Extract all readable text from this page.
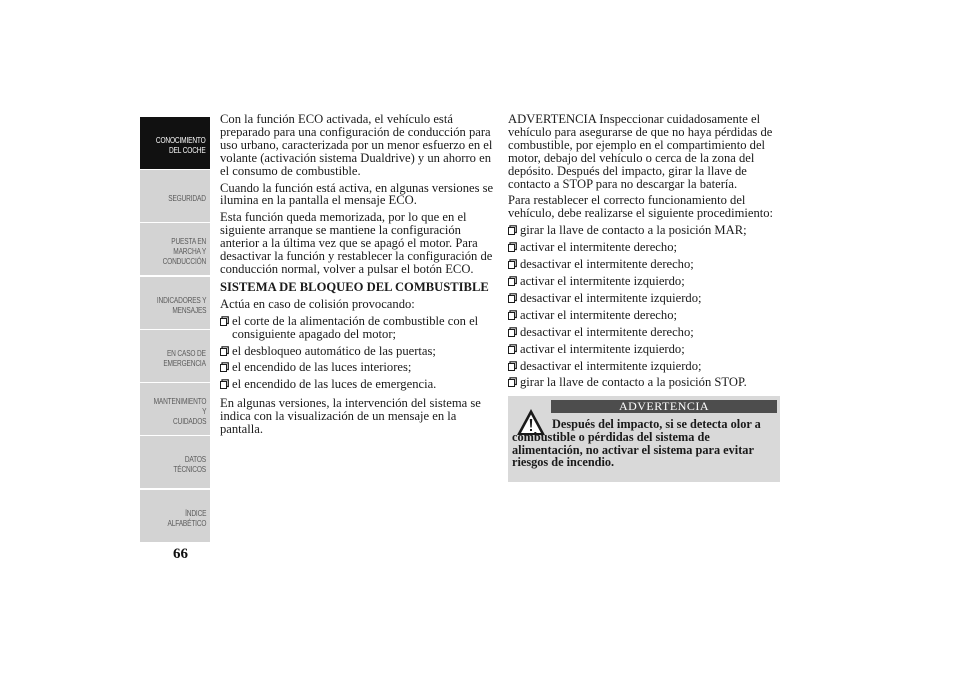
CONOCIMIENTO
DEL COCHE
SEGURIDAD
PUESTA EN
MARCHA Y
CONDUCCIÓN
INDICADORES Y
MENSAJES
EN CASO DE
EMERGENCIA
MANTENIMIENTO Y
CUIDADOS
DATOS TÉCNICOS
ÍNDICE
ALFABÉTICO
66

Con la función ECO activada, el vehículo está preparado para una configuración de conducción para uso urbano, caracterizada por un menor esfuerzo en el volante (activación sistema Dualdrive) y un ahorro en el consumo de combustible.

Cuando la función está activa, en algunas versiones se ilumina en la pantalla el mensaje ECO.

Esta función queda memorizada, por lo que en el siguiente arranque se mantiene la configuración anterior a la última vez que se apagó el motor. Para desactivar la función y restablecer la configuración de conducción normal, volver a pulsar el botón ECO.

SISTEMA DE BLOQUEO DEL COMBUSTIBLE

Actúa en caso de colisión provocando:

el corte de la alimentación de combustible con el consiguiente apagado del motor;
el desbloqueo automático de las puertas;
el encendido de las luces interiores;
el encendido de las luces de emergencia.

En algunas versiones, la intervención del sistema se indica con la visualización de un mensaje en la pantalla.

ADVERTENCIA Inspeccionar cuidadosamente el vehículo para asegurarse de que no haya pérdidas de combustible, por ejemplo en el compartimiento del motor, debajo del vehículo o cerca de la zona del depósito. Después del impacto, girar la llave de contacto a STOP para no descargar la batería.

Para restablecer el correcto funcionamiento del vehículo, debe realizarse el siguiente procedimiento:

girar la llave de contacto a la posición MAR;
activar el intermitente derecho;
desactivar el intermitente derecho;
activar el intermitente izquierdo;
desactivar el intermitente izquierdo;
activar el intermitente derecho;
desactivar el intermitente derecho;
activar el intermitente izquierdo;
desactivar el intermitente izquierdo;
girar la llave de contacto a la posición STOP.
ADVERTENCIA
Después del impacto, si se detecta olor a combustible o pérdidas del sistema de alimentación, no activar el sistema para evitar riesgos de incendio.
